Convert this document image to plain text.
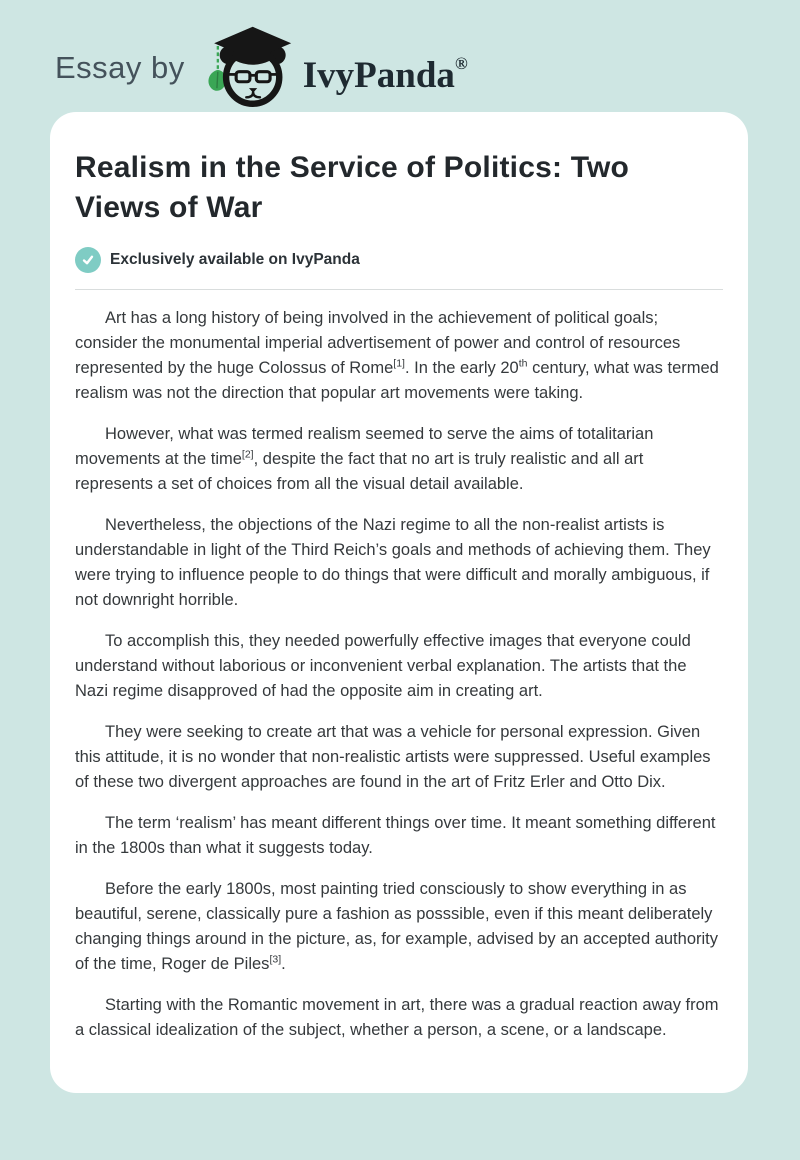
Essay by	IvyPanda®
Realism in the Service of Politics: Two Views of War
Exclusively available on IvyPanda

Art has a long history of being involved in the achievement of political goals; consider the monumental imperial advertisement of power and control of resources represented by the huge Colossus of Rome[1]. In the early 20th century, what was termed realism was not the direction that popular art movements were taking.

However, what was termed realism seemed to serve the aims of totalitarian movements at the time[2], despite the fact that no art is truly realistic and all art represents a set of choices from all the visual detail available.

Nevertheless, the objections of the Nazi regime to all the non-realist artists is understandable in light of the Third Reich’s goals and methods of achieving them. They were trying to influence people to do things that were difficult and morally ambiguous, if not downright horrible.

To accomplish this, they needed powerfully effective images that everyone could understand without laborious or inconvenient verbal explanation. The artists that the Nazi regime disapproved of had the opposite aim in creating art.

They were seeking to create art that was a vehicle for personal expression. Given this attitude, it is no wonder that non-realistic artists were suppressed. Useful examples of these two divergent approaches are found in the art of Fritz Erler and Otto Dix.

The term ‘realism’ has meant different things over time. It meant something different in the 1800s than what it suggests today.

Before the early 1800s, most painting tried consciously to show everything in as beautiful, serene, classically pure a fashion as posssible, even if this meant deliberately changing things around in the picture, as, for example, advised by an accepted authority of the time, Roger de Piles[3].

Starting with the Romantic movement in art, there was a gradual reaction away from a classical idealization of the subject, whether a person, a scene, or a landscape.
